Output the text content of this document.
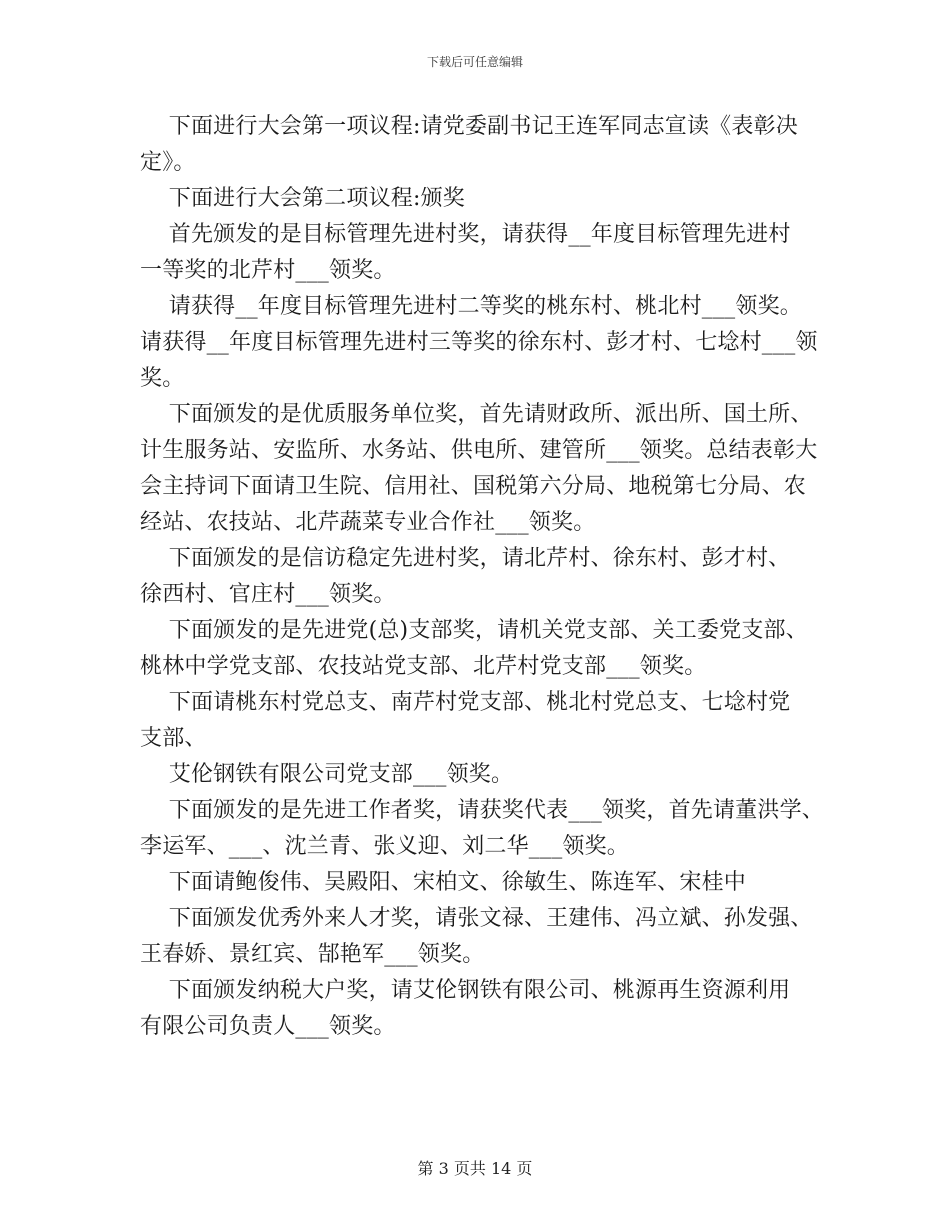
下载后可任意编辑
下面进行大会第一项议程:请党委副书记王连军同志宣读《表彰决
定》。
下面进行大会第二项议程:颁奖
首先颁发的是目标管理先进村奖，请获得__年度目标管理先进村
一等奖的北芹村___领奖。
请获得__年度目标管理先进村二等奖的桃东村、桃北村___领奖。
请获得__年度目标管理先进村三等奖的徐东村、彭才村、七埝村___领
奖。
下面颁发的是优质服务单位奖，首先请财政所、派出所、国土所、
计生服务站、安监所、水务站、供电所、建管所___领奖。总结表彰大
会主持词下面请卫生院、信用社、国税第六分局、地税第七分局、农
经站、农技站、北芹蔬菜专业合作社___领奖。
下面颁发的是信访稳定先进村奖，请北芹村、徐东村、彭才村、
徐西村、官庄村___领奖。
下面颁发的是先进党(总)支部奖，请机关党支部、关工委党支部、
桃林中学党支部、农技站党支部、北芹村党支部___领奖。
下面请桃东村党总支、南芹村党支部、桃北村党总支、七埝村党
支部、
艾伦钢铁有限公司党支部___领奖。
下面颁发的是先进工作者奖，请获奖代表___领奖，首先请董洪学、
李运军、___、沈兰青、张义迎、刘二华___领奖。
下面请鲍俊伟、吴殿阳、宋柏文、徐敏生、陈连军、宋桂中
下面颁发优秀外来人才奖，请张文禄、王建伟、冯立斌、孙发强、
王春娇、景红宾、郜艳军___领奖。
下面颁发纳税大户奖，请艾伦钢铁有限公司、桃源再生资源利用
有限公司负责人___领奖。
第 3 页共 14 页
